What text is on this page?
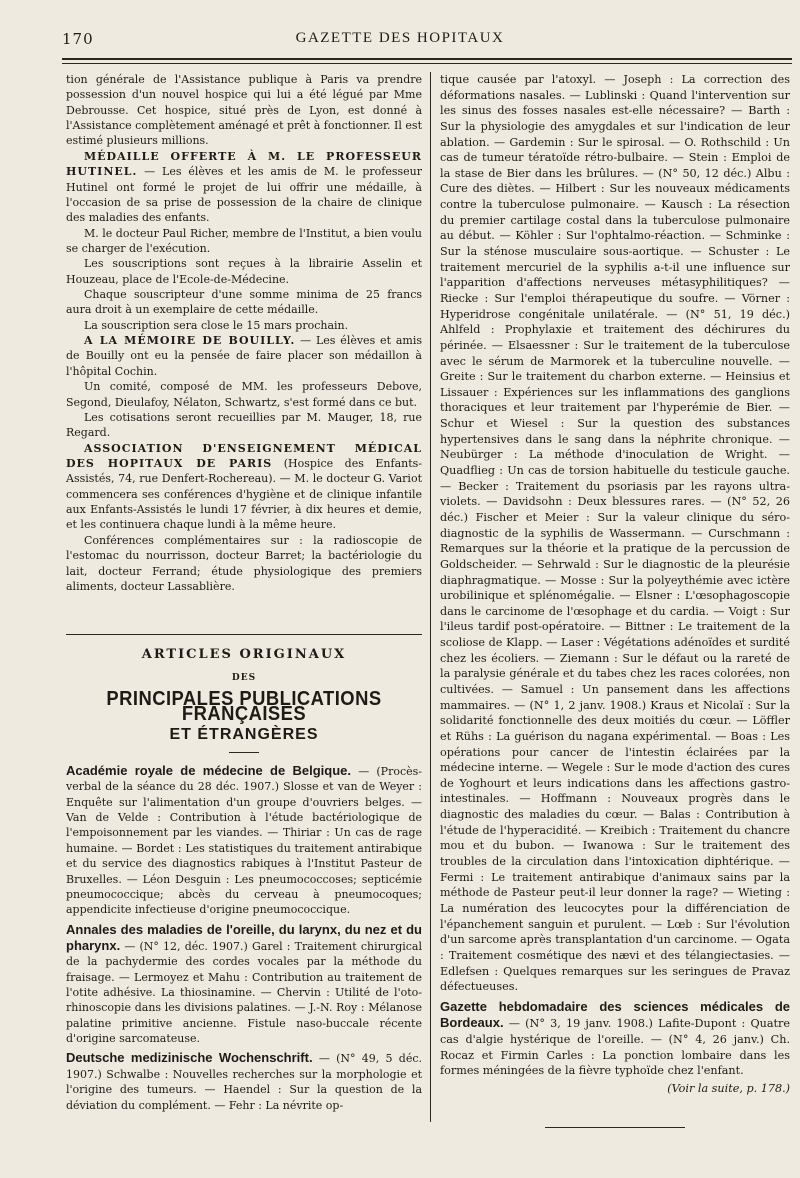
170	GAZETTE DES HOPITAUX

tion générale de l'Assistance publique à Paris va prendre possession d'un nouvel hospice qui lui a été légué par Mme Debrousse. Cet hospice, situé près de Lyon, est donné à l'Assistance complètement aménagé et prêt à fonctionner. Il est estimé plusieurs millions.

MÉDAILLE OFFERTE À M. LE PROFESSEUR HUTINEL. — Les élèves et les amis de M. le professeur Hutinel ont formé le projet de lui offrir une médaille, à l'occasion de sa prise de possession de la chaire de clinique des maladies des enfants.

M. le docteur Paul Richer, membre de l'Institut, a bien voulu se charger de l'exécution.

Les souscriptions sont reçues à la librairie Asselin et Houzeau, place de l'Ecole-de-Médecine.

Chaque souscripteur d'une somme minima de 25 francs aura droit à un exemplaire de cette médaille.

La souscription sera close le 15 mars prochain.

A LA MÉMOIRE DE BOUILLY. — Les élèves et amis de Bouilly ont eu la pensée de faire placer son médaillon à l'hôpital Cochin.

Un comité, composé de MM. les professeurs Debove, Segond, Dieulafoy, Nélaton, Schwartz, s'est formé dans ce but.

Les cotisations seront recueillies par M. Mauger, 18, rue Regard.

ASSOCIATION D'ENSEIGNEMENT MÉDICAL DES HOPITAUX DE PARIS (Hospice des Enfants-Assistés, 74, rue Denfert-Rochereau). — M. le docteur G. Variot commencera ses conférences d'hygiène et de clinique infantile aux Enfants-Assistés le lundi 17 février, à dix heures et demie, et les continuera chaque lundi à la même heure.

Conférences complémentaires sur : la radioscopie de l'estomac du nourrisson, docteur Barret; la bactériologie du lait, docteur Ferrand; étude physiologique des premiers aliments, docteur Lassablière.

ARTICLES ORIGINAUX
DES
PRINCIPALES PUBLICATIONS FRANÇAISES
ET ÉTRANGÈRES

Académie royale de médecine de Belgique. — (Procès-verbal de la séance du 28 déc. 1907.) Slosse et van de Weyer : Enquête sur l'alimentation d'un groupe d'ouvriers belges. — Van de Velde : Contribution à l'étude bactériologique de l'empoisonnement par les viandes. — Thiriar : Un cas de rage humaine. — Bordet : Les statistiques du traitement antirabique et du service des diagnostics rabiques à l'Institut Pasteur de Bruxelles. — Léon Desguin : Les pneumococcoses; septicémie pneumococcique; abcès du cerveau à pneumocoques; appendicite infectieuse d'origine pneumococcique.

Annales des maladies de l'oreille, du larynx, du nez et du pharynx. — (N° 12, déc. 1907.) Garel : Traitement chirurgical de la pachydermie des cordes vocales par la méthode du fraisage. — Lermoyez et Mahu : Contribution au traitement de l'otite adhésive. La thiosinamine. — Chervin : Utilité de l'oto-rhinoscopie dans les divisions palatines. — J.-N. Roy : Mélanose palatine primitive ancienne. Fistule naso-buccale récente d'origine sarcomateuse.

Deutsche medizinische Wochenschrift. — (N° 49, 5 déc. 1907.) Schwalbe : Nouvelles recherches sur la morphologie et l'origine des tumeurs. — Haendel : Sur la question de la déviation du complément. — Fehr : La névrite op-

tique causée par l'atoxyl. — Joseph : La correction des déformations nasales. — Lublinski : Quand l'intervention sur les sinus des fosses nasales est-elle nécessaire? — Barth : Sur la physiologie des amygdales et sur l'indication de leur ablation. — Gardemin : Sur le spirosal. — O. Rothschild : Un cas de tumeur tératoïde rétro-bulbaire. — Stein : Emploi de la stase de Bier dans les brûlures. — (N° 50, 12 déc.) Albu : Cure des diètes. — Hilbert : Sur les nouveaux médicaments contre la tuberculose pulmonaire. — Kausch : La résection du premier cartilage costal dans la tuberculose pulmonaire au début. — Köhler : Sur l'ophtalmo-réaction. — Schminke : Sur la sténose musculaire sous-aortique. — Schuster : Le traitement mercuriel de la syphilis a-t-il une influence sur l'apparition d'affections nerveuses métasyphilitiques? — Riecke : Sur l'emploi thérapeutique du soufre. — Vörner : Hyperidrose congénitale unilatérale. — (N° 51, 19 déc.) Ahlfeld : Prophylaxie et traitement des déchirures du périnée. — Elsaessner : Sur le traitement de la tuberculose avec le sérum de Marmorek et la tuberculine nouvelle. — Greite : Sur le traitement du charbon externe. — Heinsius et Lissauer : Expériences sur les inflammations des ganglions thoraciques et leur traitement par l'hyperémie de Bier. — Schur et Wiesel : Sur la question des substances hypertensives dans le sang dans la néphrite chronique. — Neubürger : La méthode d'inoculation de Wright. — Quadflieg : Un cas de torsion habituelle du testicule gauche. — Becker : Traitement du psoriasis par les rayons ultra-violets. — Davidsohn : Deux blessures rares. — (N° 52, 26 déc.) Fischer et Meier : Sur la valeur clinique du séro-diagnostic de la syphilis de Wassermann. — Curschmann : Remarques sur la théorie et la pratique de la percussion de Goldscheider. — Sehrwald : Sur le diagnostic de la pleurésie diaphragmatique. — Mosse : Sur la polyeythémie avec ictère urobilinique et splénomégalie. — Elsner : L'œsophagoscopie dans le carcinome de l'œsophage et du cardia. — Voigt : Sur l'ileus tardif post-opératoire. — Bittner : Le traitement de la scoliose de Klapp. — Laser : Végétations adénoïdes et surdité chez les écoliers. — Ziemann : Sur le défaut ou la rareté de la paralysie générale et du tabes chez les races colorées, non cultivées. — Samuel : Un pansement dans les affections mammaires. — (N° 1, 2 janv. 1908.) Kraus et Nicolaï : Sur la solidarité fonctionnelle des deux moitiés du cœur. — Löffler et Rühs : La guérison du nagana expérimental. — Boas : Les opérations pour cancer de l'intestin éclairées par la médecine interne. — Wegele : Sur le mode d'action des cures de Yoghourt et leurs indications dans les affections gastro-intestinales. — Hoffmann : Nouveaux progrès dans le diagnostic des maladies du cœur. — Balas : Contribution à l'étude de l'hyperacidité. — Kreibich : Traitement du chancre mou et du bubon. — Iwanowa : Sur le traitement des troubles de la circulation dans l'intoxication diphtérique. — Fermi : Le traitement antirabique d'animaux sains par la méthode de Pasteur peut-il leur donner la rage? — Wieting : La numération des leucocytes pour la différenciation de l'épanchement sanguin et purulent. — Lœb : Sur l'évolution d'un sarcome après transplantation d'un carcinome. — Ogata : Traitement cosmétique des nævi et des télangiectasies. — Edlefsen : Quelques remarques sur les seringues de Pravaz défectueuses.

Gazette hebdomadaire des sciences médicales de Bordeaux. — (N° 3, 19 janv. 1908.) Lafite-Dupont : Quatre cas d'algie hystérique de l'oreille. — (N° 4, 26 janv.) Ch. Rocaz et Firmin Carles : La ponction lombaire dans les formes méningées de la fièvre typhoïde chez l'enfant.

(Voir la suite, p. 178.)
